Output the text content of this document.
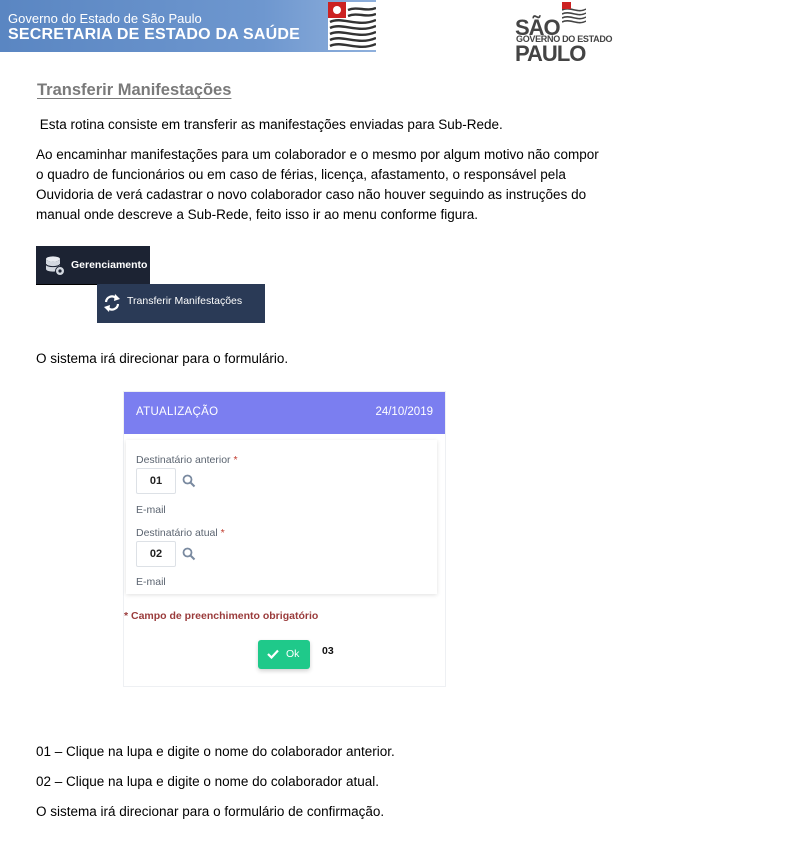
Governo do Estado de São Paulo
SECRETARIA DE ESTADO DA SAÚDE	SÃO PAULO
GOVERNO DO ESTADO
Transferir Manifestações

Esta rotina consiste em transferir as manifestações enviadas para Sub-Rede.

Ao encaminhar manifestações para um colaborador e o mesmo por algum motivo não compor o quadro de funcionários ou em caso de férias, licença, afastamento, o responsável pela Ouvidoria de verá cadastrar o novo colaborador caso não houver seguindo as instruções do manual onde descreve a Sub-Rede, feito isso ir ao menu conforme figura.

Gerenciamento
Transferir Manifestações

O sistema irá direcionar para o formulário.

ATUALIZAÇÃO	24/10/2019
Destinatário anterior *
01
E-mail
Destinatário atual *
02
E-mail
* Campo de preenchimento obrigatório
Ok 03

01 – Clique na lupa e digite o nome do colaborador anterior.

02 – Clique na lupa e digite o nome do colaborador atual.

O sistema irá direcionar para o formulário de confirmação.
